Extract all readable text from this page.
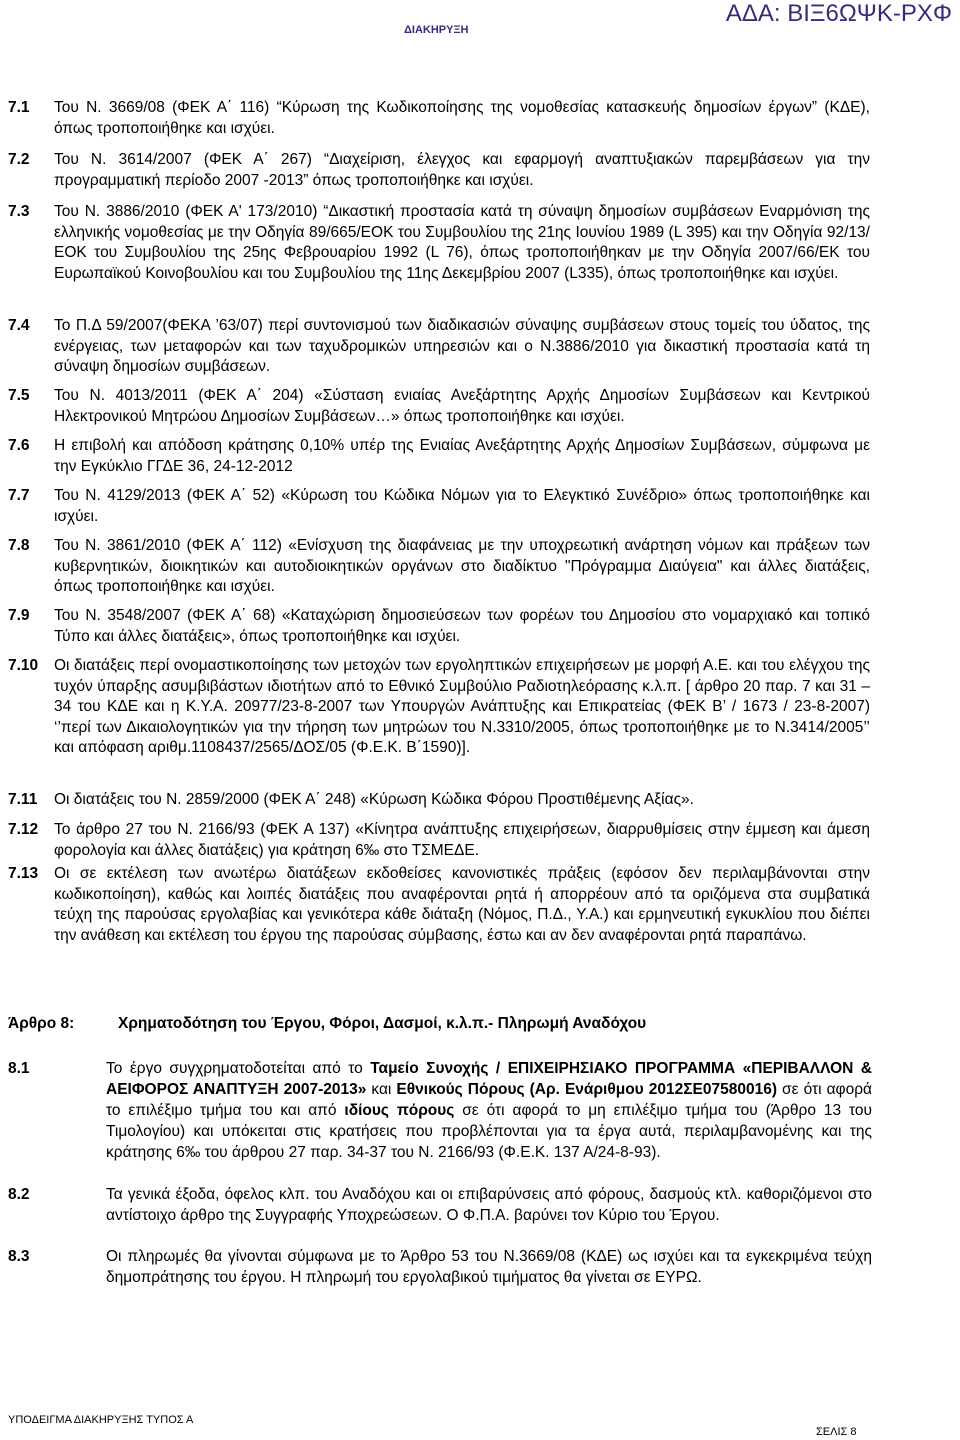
ΔΙΑΚΗΡΥΞΗ
ΑΔΑ: ΒΙΞ6ΩΨΚ-ΡΧΦ
7.1 Του Ν. 3669/08 (ΦΕΚ Α΄ 116) “Κύρωση της Κωδικοποίησης της νομοθεσίας κατασκευής δημοσίων έργων” (ΚΔΕ), όπως τροποποιήθηκε και ισχύει.
7.2 Του Ν. 3614/2007 (ΦΕΚ Α΄ 267) “Διαχείριση, έλεγχος και εφαρμογή αναπτυξιακών παρεμβάσεων για την προγραμματική περίοδο 2007 -2013” όπως τροποποιήθηκε και ισχύει.
7.3 Του Ν. 3886/2010 (ΦΕΚ Α' 173/2010) “Δικαστική προστασία κατά τη σύναψη δημοσίων συμβάσεων Εναρμόνιση της ελληνικής νομοθεσίας με την Οδηγία 89/665/ΕΟΚ του Συμβουλίου της 21ης Ιουνίου 1989 (L 395) και την Οδηγία 92/13/ΕΟΚ του Συμβουλίου της 25ης Φεβρουαρίου 1992 (L 76), όπως τροποποιήθηκαν με την Οδηγία 2007/66/ΕΚ του Ευρωπαϊκού Κοινοβουλίου και του Συμβουλίου της 11ης Δεκεμβρίου 2007 (L335), όπως τροποποιήθηκε και ισχύει.
7.4 Το Π.Δ 59/2007(ΦΕΚΑ ’63/07) περί συντονισμού των διαδικασιών σύναψης συμβάσεων στους τομείς του ύδατος, της ενέργειας, των μεταφορών και των ταχυδρομικών υπηρεσιών και ο Ν.3886/2010 για δικαστική προστασία κατά τη σύναψη δημοσίων συμβάσεων.
7.5 Του Ν. 4013/2011 (ΦΕΚ Α΄ 204) «Σύσταση ενιαίας Ανεξάρτητης Αρχής Δημοσίων Συμβάσεων και Κεντρικού Ηλεκτρονικού Μητρώου Δημοσίων Συμβάσεων…» όπως τροποποιήθηκε και ισχύει.
7.6 Η επιβολή και απόδοση κράτησης 0,10% υπέρ της Ενιαίας Ανεξάρτητης Αρχής Δημοσίων Συμβάσεων, σύμφωνα με την Εγκύκλιο ΓΓΔΕ 36, 24-12-2012
7.7 Του Ν. 4129/2013 (ΦΕΚ Α΄ 52) «Κύρωση του Κώδικα Νόμων για το Ελεγκτικό Συνέδριο» όπως τροποποιήθηκε και ισχύει.
7.8 Του Ν. 3861/2010 (ΦΕΚ Α΄ 112) «Ενίσχυση της διαφάνειας με την υποχρεωτική ανάρτηση νόμων και πράξεων των κυβερνητικών, διοικητικών και αυτοδιοικητικών οργάνων στο διαδίκτυο "Πρόγραμμα Διαύγεια" και άλλες διατάξεις, όπως τροποποιήθηκε και ισχύει.
7.9 Του Ν. 3548/2007 (ΦΕΚ Α΄ 68) «Καταχώριση δημοσιεύσεων των φορέων του Δημοσίου στο νομαρχιακό και τοπικό Τύπο και άλλες διατάξεις», όπως τροποποιήθηκε και ισχύει.
7.10 Οι διατάξεις περί ονομαστικοποίησης των μετοχών των εργοληπτικών επιχειρήσεων με μορφή Α.Ε. και του ελέγχου της τυχόν ύπαρξης ασυμβιβάστων ιδιοτήτων από το Εθνικό Συμβούλιο Ραδιοτηλεόρασης κ.λ.π. [ άρθρο 20 παρ. 7 και 31 – 34 του ΚΔΕ και η Κ.Υ.Α. 20977/23-8-2007 των Υπουργών Ανάπτυξης και Επικρατείας (ΦΕΚ Β’ / 1673 / 23-8-2007) ‘’περί των Δικαιολογητικών για την τήρηση των μητρώων του Ν.3310/2005, όπως τροποποιήθηκε με το Ν.3414/2005’’ και απόφαση αριθμ.1108437/2565/ΔΟΣ/05 (Φ.Ε.Κ. Β΄1590)].
7.11 Οι διατάξεις του Ν. 2859/2000 (ΦΕΚ Α΄ 248) «Κύρωση Κώδικα Φόρου Προστιθέμενης Αξίας».
7.12 Το άρθρο 27 του Ν. 2166/93 (ΦΕΚ Α 137) «Κίνητρα ανάπτυξης επιχειρήσεων, διαρρυθμίσεις στην έμμεση και άμεση φορολογία και άλλες διατάξεις) για κράτηση 6‰ στο ΤΣΜΕΔΕ.
7.13 Οι σε εκτέλεση των ανωτέρω διατάξεων εκδοθείσες κανονιστικές πράξεις (εφόσον δεν περιλαμβάνονται στην κωδικοποίηση), καθώς και λοιπές διατάξεις που αναφέρονται ρητά ή απορρέουν από τα οριζόμενα στα συμβατικά τεύχη της παρούσας εργολαβίας και γενικότερα κάθε διάταξη (Νόμος, Π.Δ., Υ.Α.) και ερμηνευτική εγκυκλίου που διέπει την ανάθεση και εκτέλεση του έργου της παρούσας σύμβασης, έστω και αν δεν αναφέρονται ρητά παραπάνω.
Άρθρο 8:	Χρηματοδότηση του Έργου, Φόροι, Δασμοί, κ.λ.π.- Πληρωμή Αναδόχου
8.1	Το έργο συγχρηματοδοτείται από το Ταμείο Συνοχής / ΕΠΙΧΕΙΡΗΣΙΑΚΟ ΠΡΟΓΡΑΜΜΑ «ΠΕΡΙΒΑΛΛΟΝ & ΑΕΙΦΟΡΟΣ ΑΝΑΠΤΥΞΗ 2007-2013» και Εθνικούς Πόρους (Αρ. Ενάριθμου 2012ΣΕ07580016) σε ότι αφορά το επιλέξιμο τμήμα του και από ιδίους πόρους σε ότι αφορά το μη επιλέξιμο τμήμα του (Άρθρο 13 του Τιμολογίου) και υπόκειται στις κρατήσεις που προβλέπονται για τα έργα αυτά, περιλαμβανομένης και της κράτησης 6‰ του άρθρου 27 παρ. 34-37 του Ν. 2166/93 (Φ.Ε.Κ. 137 Α/24-8-93).
8.2	Τα γενικά έξοδα, όφελος κλπ. του Αναδόχου και οι επιβαρύνσεις από φόρους, δασμούς κτλ. καθοριζόμενοι στο αντίστοιχο άρθρο της Συγγραφής Υποχρεώσεων. Ο Φ.Π.Α. βαρύνει τον Κύριο του Έργου.
8.3	Οι πληρωμές θα γίνονται σύμφωνα με το Άρθρο 53 του Ν.3669/08 (ΚΔΕ) ως ισχύει και τα εγκεκριμένα τεύχη δημοπράτησης του έργου. Η πληρωμή του εργολαβικού τιμήματος θα γίνεται σε ΕΥΡΩ.
ΥΠΟΔΕΙΓΜΑ ΔΙΑΚΗΡΥΞΗΣ ΤΥΠΟΣ Α
ΣΕΛΙΣ 8
